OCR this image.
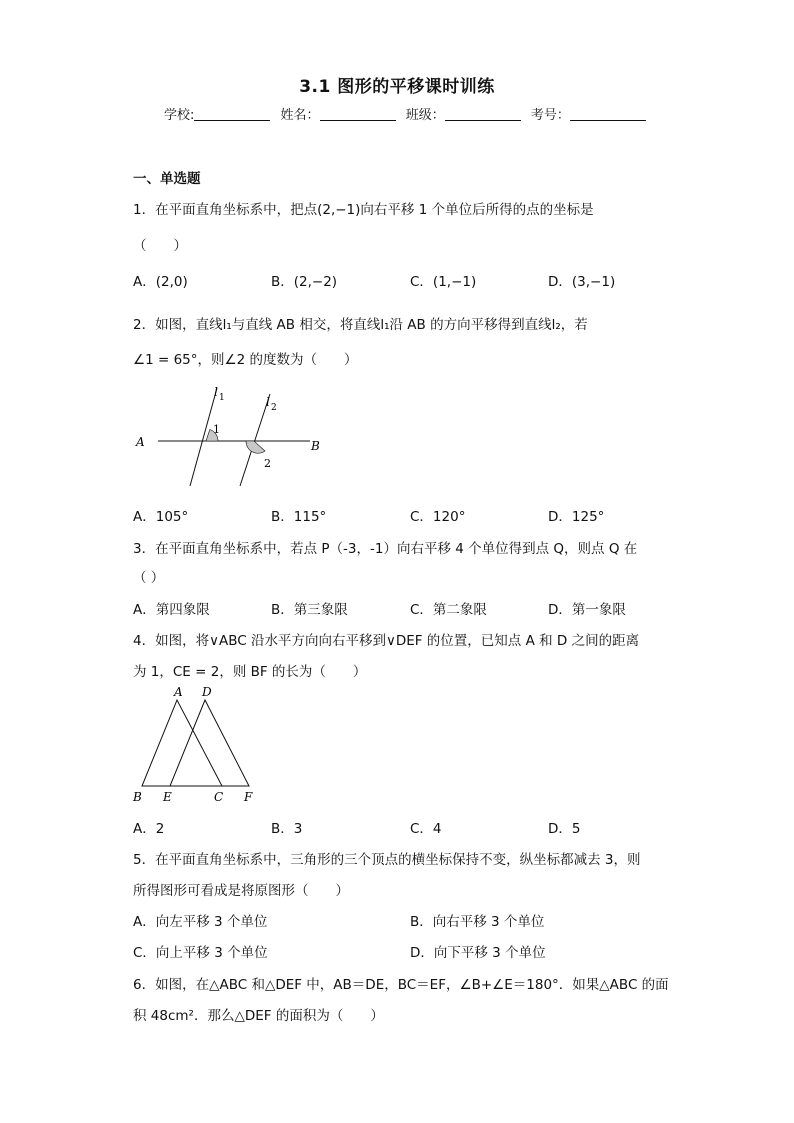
3.1 图形的平移课时训练
学校:	姓名：	班级：	考号：
一、单选题
1．在平面直角坐标系中，把点(2,−1)向右平移 1 个单位后所得的点的坐标是
（　　）
A．(2,0)	B．(2,−2)	C．(1,−1)	D．(3,−1)
2．如图，直线l₁与直线 AB 相交，将直线l₁沿 AB 的方向平移得到直线l₂，若
∠1 = 65°，则∠2 的度数为（　　）
A	B
l 1	l 2
1
2
A．105°	B．115°	C．120°	D．125°
3．在平面直角坐标系中，若点 P（-3，-1）向右平移 4 个单位得到点 Q，则点 Q 在
（ ）
A．第四象限	B．第三象限	C．第二象限	D．第一象限
4．如图，将∨ABC 沿水平方向向右平移到∨DEF 的位置，已知点 A 和 D 之间的距离
为 1，CE = 2，则 BF 的长为（　　）
A D
B E	C F
A．2	B．3	C．4	D．5
5．在平面直角坐标系中，三角形的三个顶点的横坐标保持不变，纵坐标都减去 3，则
所得图形可看成是将原图形（　　）
A．向左平移 3 个单位	B．向右平移 3 个单位
C．向上平移 3 个单位	D．向下平移 3 个单位
6．如图，在△ABC 和△DEF 中，AB＝DE，BC＝EF，∠B+∠E＝180°．如果△ABC 的面
积 48cm²．那么△DEF 的面积为（　　）
